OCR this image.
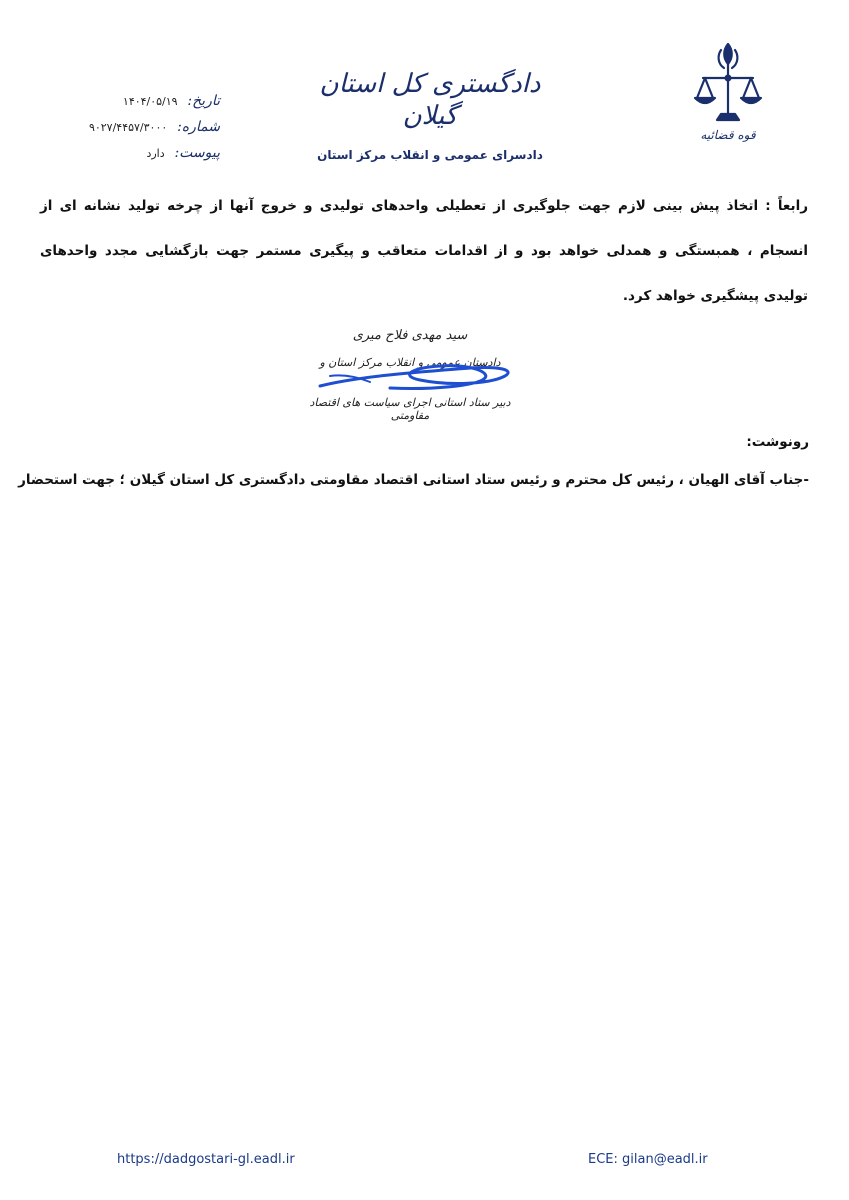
قوه قضائیه
دادگستری کل استان گیلان
دادسرای عمومی و انقلاب مرکز استان
تاریخ: ۱۴۰۴/۰۵/۱۹
شماره: ۹۰۲۷/۴۴۵۷/۳۰۰۰
پیوست: دارد
رابعاً : اتخاذ پیش بینی لازم جهت جلوگیری از تعطیلی واحدهای تولیدی و خروج آنها از چرخه تولید نشانه ای از انسجام ، همبستگی و همدلی خواهد بود و از اقدامات متعاقب و پیگیری مستمر جهت بازگشایی مجدد واحدهای تولیدی پیشگیری خواهد کرد.
سید مهدی فلاح میری
دادستان عمومی و انقلاب مرکز استان و
دبیر ستاد استانی اجرای سیاست های اقتصاد مقاومتی
رونوشت:
-جناب آقای الهیان ، رئیس کل محترم و رئیس ستاد استانی اقتصاد مقاومتی دادگستری کل استان گیلان ؛ جهت استحضار
https://dadgostari-gl.eadl.ir	ECE: gilan@eadl.ir
